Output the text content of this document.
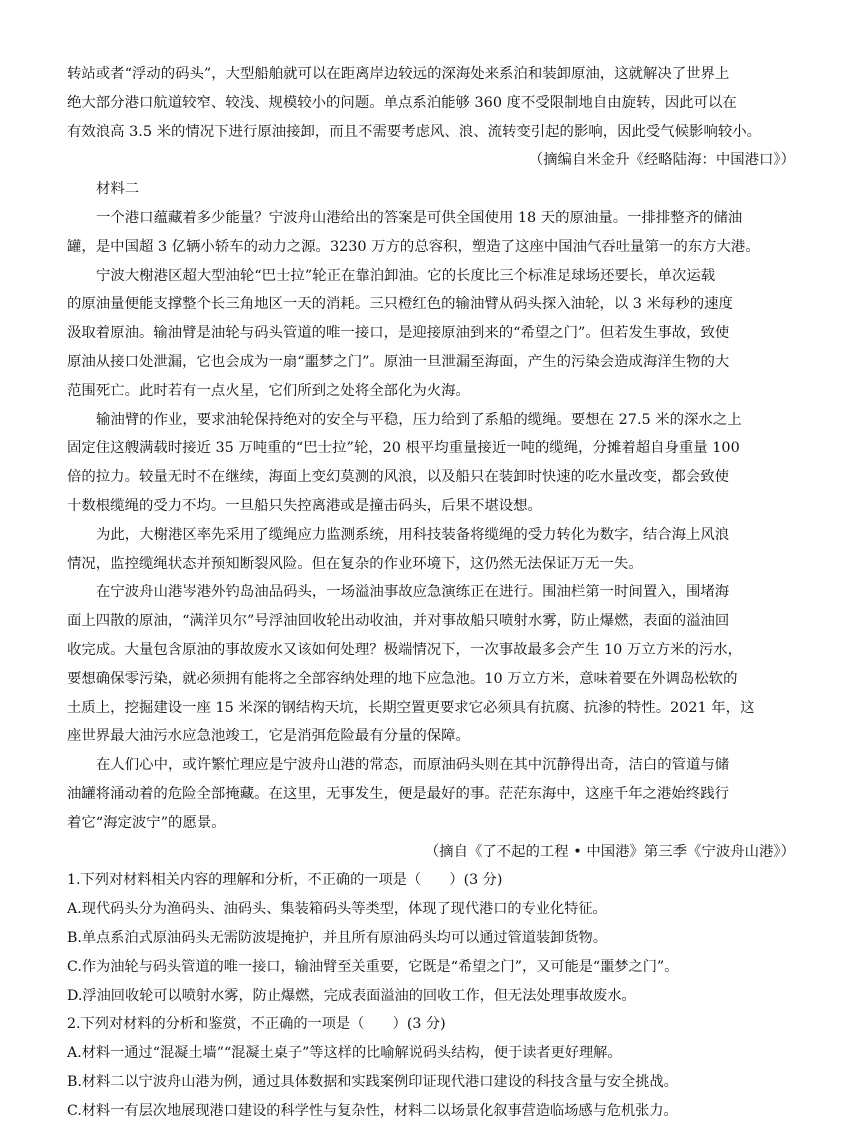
转站或者“浮动的码头”，大型船舶就可以在距离岸边较远的深海处来系泊和装卸原油，这就解决了世界上
绝大部分港口航道较窄、较浅、规模较小的问题。单点系泊能够 360 度不受限制地自由旋转，因此可以在
有效浪高 3.5 米的情况下进行原油接卸，而且不需要考虑风、浪、流转变引起的影响，因此受气候影响较小。
（摘编自米金升《经略陆海：中国港口》）
材料二
一个港口蕴藏着多少能量？宁波舟山港给出的答案是可供全国使用 18 天的原油量。一排排整齐的储油
罐，是中国超 3 亿辆小轿车的动力之源。3230 万方的总容积，塑造了这座中国油气吞吐量第一的东方大港。
宁波大榭港区超大型油轮“巴士拉”轮正在靠泊卸油。它的长度比三个标准足球场还要长，单次运载
的原油量便能支撑整个长三角地区一天的消耗。三只橙红色的输油臂从码头探入油轮，以 3 米每秒的速度
汲取着原油。输油臂是油轮与码头管道的唯一接口，是迎接原油到来的“希望之门”。但若发生事故，致使
原油从接口处泄漏，它也会成为一扇“噩梦之门”。原油一旦泄漏至海面，产生的污染会造成海洋生物的大
范围死亡。此时若有一点火星，它们所到之处将全部化为火海。
输油臂的作业，要求油轮保持绝对的安全与平稳，压力给到了系船的缆绳。要想在 27.5 米的深水之上
固定住这艘满载时接近 35 万吨重的“巴士拉”轮，20 根平均重量接近一吨的缆绳，分摊着超自身重量 100
倍的拉力。较量无时不在继续，海面上变幻莫测的风浪，以及船只在装卸时快速的吃水量改变，都会致使
十数根缆绳的受力不均。一旦船只失控离港或是撞击码头，后果不堪设想。
为此，大榭港区率先采用了缆绳应力监测系统，用科技装备将缆绳的受力转化为数字，结合海上风浪
情况，监控缆绳状态并预知断裂风险。但在复杂的作业环境下，这仍然无法保证万无一失。
在宁波舟山港岑港外钓岛油品码头，一场溢油事故应急演练正在进行。围油栏第一时间置入，围堵海
面上四散的原油，“满洋贝尔”号浮油回收轮出动收油，并对事故船只喷射水雾，防止爆燃，表面的溢油回
收完成。大量包含原油的事故废水又该如何处理？极端情况下，一次事故最多会产生 10 万立方米的污水，
要想确保零污染，就必须拥有能将之全部容纳处理的地下应急池。10 万立方米，意味着要在外调岛松软的
土质上，挖掘建设一座 15 米深的钢结构天坑，长期空置更要求它必须具有抗腐、抗渗的特性。2021 年，这
座世界最大油污水应急池竣工，它是消弭危险最有分量的保障。
在人们心中，或许繁忙理应是宁波舟山港的常态，而原油码头则在其中沉静得出奇，洁白的管道与储
油罐将涌动着的危险全部掩藏。在这里，无事发生，便是最好的事。茫茫东海中，这座千年之港始终践行
着它“海定波宁”的愿景。
（摘自《了不起的工程 • 中国港》第三季《宁波舟山港》）
1.下列对材料相关内容的理解和分析，不正确的一项是（　　）(3 分)
A.现代码头分为渔码头、油码头、集装箱码头等类型，体现了现代港口的专业化特征。
B.单点系泊式原油码头无需防波堤掩护，并且所有原油码头均可以通过管道装卸货物。
C.作为油轮与码头管道的唯一接口，输油臂至关重要，它既是“希望之门”，又可能是“噩梦之门”。
D.浮油回收轮可以喷射水雾，防止爆燃，完成表面溢油的回收工作，但无法处理事故废水。
2.下列对材料的分析和鉴赏，不正确的一项是（　　）(3 分)
A.材料一通过“混凝土墙”“混凝土桌子”等这样的比喻解说码头结构，便于读者更好理解。
B.材料二以宁波舟山港为例，通过具体数据和实践案例印证现代港口建设的科技含量与安全挑战。
C.材料一有层次地展现港口建设的科学性与复杂性，材料二以场景化叙事营造临场感与危机张力。
